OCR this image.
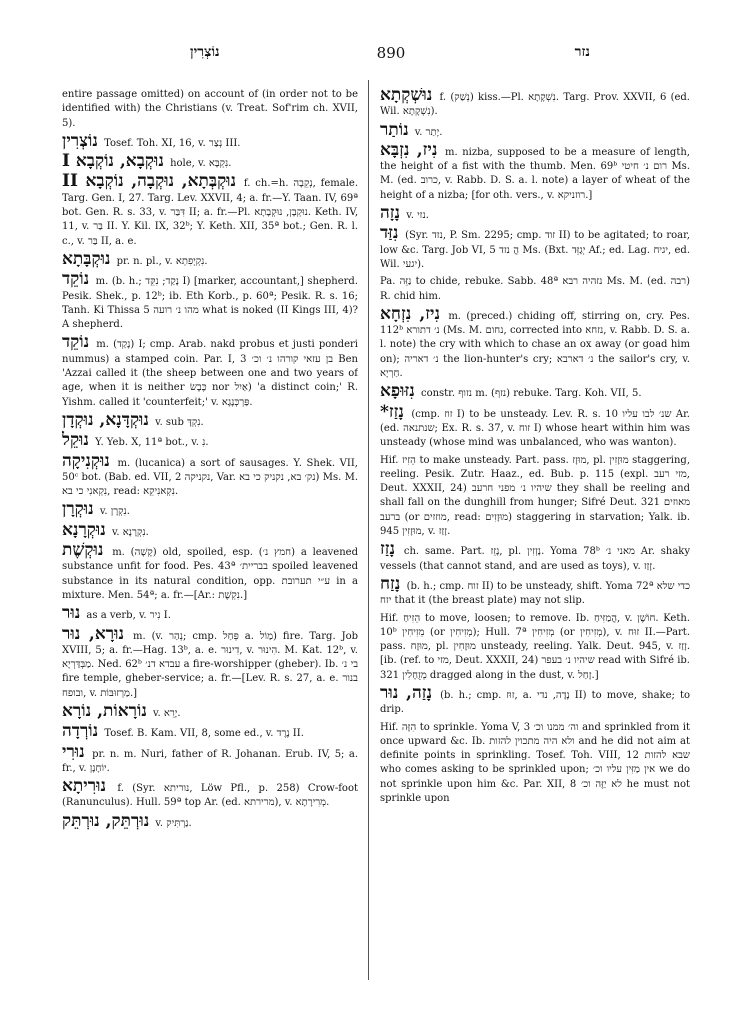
נוֹצְרִין	890	נזר

entire passage omitted) on account of (in order not to be identified with) the Christians (v. Treat. Sof'rim ch. XVII, 5).

נוֹצְרִין Tosef. Toh. XI, 16, v. נְצַר III.

נוּקְבָא, נוֹקְבָא I hole, v. נִקְבָּא.

נוּקְבְּתָא, נוּקְבָה, נוֹקְבָא II f. ch.=h. נְקֵבָה, female. Targ. Gen. I, 27. Targ. Lev. XXVII, 4; a. fr.—Y. Taan. IV, 69ª bot. Gen. R. s. 33, v. דִּבַּר II; a. fr.—Pl. נוּקְבָן, נוּקְבָתָא. Keth. IV, 11, v. בַּר II. Y. Kil. IX, 32ᵇ; Y. Keth. XII, 35ª bot.; Gen. R. l. c., v. בַּר II, a. e.

נוּקְבָּתָא pr. n. pl., v. נִקְיְפִתְא.

נוֹקֵד m. (b. h.; נָקַד; נִקֵּד I) [marker, accountant,] shepherd. Pesik. Shek., p. 12ᵇ; ib. Eth Korb., p. 60ª; Pesik. R. s. 16; Tanh. Ki Thissa 5 מהו נ׳ רועה what is noked (II Kings III, 4)? A shepherd.

נוֹקֵד m. (נָקַד) I; cmp. Arab. nakd probus et justi ponderi nummus) a stamped coin. Par. I, 3 בן עזאי קורהו נ׳ וכ׳ Ben 'Azzai called it (the sheep between one and two years of age, when it is neither כֶּבֶשׂ nor אַיִל) 'a distinct coin;' R. Yishm. called it 'counterfeit;' v. פַּרְכְּנָגָא.

נוּקְדָּנָא, נוּקְדָן v. sub נִקְדָּ.

נוּקֵל Y. Yeb. X, 11ª bot., v. נִ.

נוּקְנִיקָה m. (lucanica) a sort of sausages. Y. Shek. VII, 50ᶜ bot. (Bab. ed. VII, 2 נקניקה, Var. נק׳ בא, נקניק כי בא) Ms. M. נִקְאנִי כי בא, read: נִקְאנִיקֵא.

נוּקְרָן v. נִקְרָן.

נוּקְרָנָא v. נִקְרָנָא.

נוּקְשֶׁת m. (קָשָׁה) old, spoiled, esp. (חמץ נ׳) a leavened substance unfit for food. Pes. 43ª בבריית׳ spoiled leavened substance in its natural condition, opp. ע״י תערובת in a mixture. Men. 54ª; a. fr.—[Ar.: נִקְשֶׁת.]

נוּר as a verb, v. נִיר I.

נוּרָא, נוּר m. (v. נְהַר; cmp. פְּחַל a. מַוֹל) fire. Targ. Job XVIII, 5; a. fr.—Hag. 13ᵇ, a. e. דִינוּר, v. הִינוּר. M. Kat. 12ᵇ, v. מַבְּדַּרְיָא. Ned. 62ᵇ עבדא דנ׳ a fire-worshipper (gheber). Ib. בי נ׳ fire temple, gheber-service; a. fr.—[Lev. R. s. 27, a. e. בנור ובופח, v. מַרְזוּבּוֹת.]

נוֹרָאוֹת, נוֹרָא v. יָרֵא.

נוֹרְדָה Tosef. B. Kam. VII, 8, some ed., v. נֶרֶד II.

נוּרִי pr. n. m. Nuri, father of R. Johanan. Erub. IV, 5; a. fr., v. יוֹחָנָן.

נוּרִיתָא f. (Syr. נוריתא, Löw Pfl., p. 258) Crow-foot (Ranunculus). Hull. 59ª top Ar. (ed. מרירתא), v. מְרִירָתָא.

נוּרְתֵּק, נוּרְתֵּק v. נַרְתִּיק.

נוּשְׁקְתָא f. (נְשַׁק) kiss.—Pl. נִשְׁקָתָא. Targ. Prov. XXVII, 6 (ed. Wil. נִשְׁקָתָא).

נוֹתַר v. יָתַר.

נִיז, נִזְבָּא m. nizba, supposed to be a measure of length, the height of a fist with the thumb. Men. 69ᵇ רום נ׳ חיטי Ms. M. (ed. כרוב, v. Rabb. D. S. a. l. note) a layer of wheat of the height of a nizba; [for oth. vers., v. רוזניקא.]

נָזָה v. נזי.

נִזַּד (Syr. נזד, P. Sm. 2295; cmp. זוד II) to be agitated; to roar, low &c. Targ. Job VI, 5 הֲ נזד Ms. (Bxt. יְגַזֵּד Af.; ed. Lag. יגיח, ed. Wil. יגעי).

Pa. נַזֵּה to chide, rebuke. Sabb. 48ª נזהיה רבא Ms. M. (ed. רבה) R. chid him.

נִיז, נִזְחָא m. (preced.) chiding off, stirring on, cry. Pes. 112ᵇ נ׳ דתורא (Ms. M. נחום, corrected into נזחא, v. Rabb. D. S. a. l. note) the cry with which to chase an ox away (or goad him on); נ׳ דאריה the lion-hunter's cry; נ׳ דארבא the sailor's cry, v. חַרְיָא.

נִזּוּפָא constr. נזוף m. (נזף) rebuke. Targ. Koh. VII, 5.

נָזַז* (cmp. זוז I) to be unsteady. Lev. R. s. 10 שנ׳ לבו עליו Ar. (ed. שנתנאה; Ex. R. s. 37, v. זוח I) whose heart within him was unsteady (whose mind was unbalanced, who was wanton).

Hif. הֵזִיז to make unsteady. Part. pass. מוּזָז, pl. מוּזָזִין staggering, reeling. Pesik. Zutr. Haaz., ed. Bub. p. 115 (expl. מזי רעב, Deut. XXXII, 24) שיהיו נ׳ מפני חרעב they shall be reeling and shall fall on the dunghill from hunger; Sifré Deut. 321 מאוזים ברעב (or מוזזים, read: מוּזָזִים) staggering in starvation; Yalk. ib. 945 מוּזָזִין, v. זָזַז.

נָזַז ch. same. Part. נָזֵז, pl. נָזְזִין. Yoma 78ᵇ מאני נ׳ Ar. shaky vessels (that cannot stand, and are used as toys), v. זָזַז.

נָזַח (b. h.; cmp. זוח II) to be unsteady, shift. Yoma 72ª כדי שלא יזח that it (the breast plate) may not slip.

Hif. הֵזִיחַ to move, loosen; to remove. Ib. הֲמַזִּיחַ, v. חוֹשֶׁן. Keth. 10ᵇ מֵזִיחִין (or מְזִיחִין); Hull. 7ª מְזִיחִין (or מְזִיחִין), v. זוּח II.—Part. pass. מוּזָח, pl. מוּזָחִין unsteady, reeling. Yalk. Deut. 945, v. זָזַז. [ib. (ref. to מזי, Deut. XXXII, 24) שיהיו נ׳ בעפר read with Sifré ib. 321 מְזֻחָלִין dragged along in the dust, v. זָחַל.]

נָזַה, נוּר (b. h.; cmp. זוּז, a. נָדָה, נדי II) to move, shake; to drip.

Hif. הִזָּה to sprinkle. Yoma V, 3 וה׳ ממנו וכ׳ and sprinkled from it once upward &c. Ib. ולא היה מתכוין להזות and he did not aim at definite points in sprinkling. Tosef. Toh. VIII, 12 שבא להזות who comes asking to be sprinkled upon; אין מַזִּין עליו וכ׳ we do not sprinkle upon him &c. Par. XII, 8 לא יַזֶּה וכ׳ he must not sprinkle upon
